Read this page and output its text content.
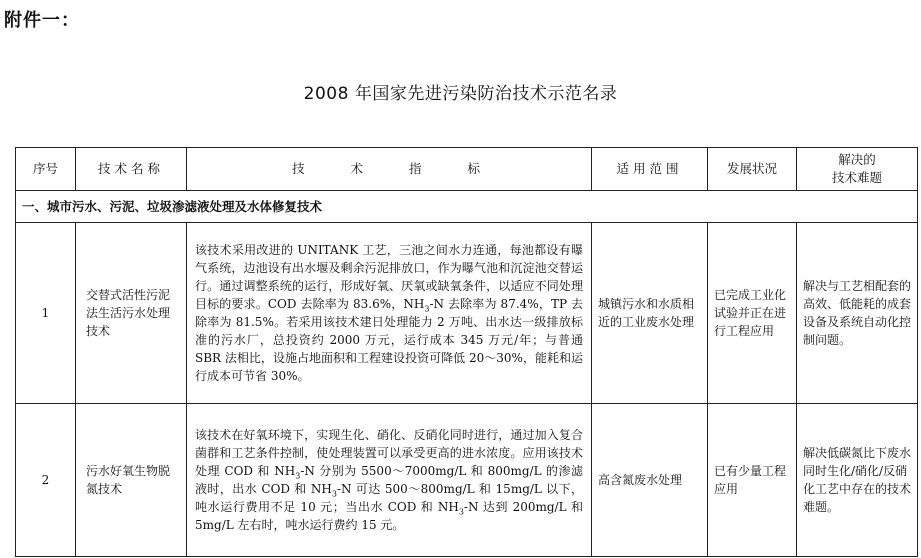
附件一：
2008 年国家先进污染防治技术示范名录
序号	技术名称	技 术 指 标	适用范围	发展状况	解决的
技术难题

一、城市污水、污泥、垃圾渗滤液处理及水体修复技术					
1	交替式活性污泥法生活污水处理技术	该技术采用改进的 UNITANK 工艺，三池之间水力连通，每池都设有曝气系统，边池设有出水堰及剩余污泥排放口，作为曝气池和沉淀池交替运行。通过调整系统的运行，形成好氧、厌氧或缺氧条件，以适应不同处理目标的要求。COD 去除率为 83.6%，$NH_3-N$ 去除率为 87.4%，TP 去除率为 81.5%。若采用该技术建日处理能力 2 万吨、出水达一级排放标准的污水厂，总投资约 2000 万元，运行成本 345 万元/年；与普通 SBR 法相比，设施占地面积和工程建设投资可降低 20～30%，能耗和运行成本可节省 30%。	城镇污水和水质相近的工业废水处理	已完成工业化试验并正在进行工程应用	解决与工艺相配套的高效、低能耗的成套设备及系统自动化控制问题。
2	污水好氧生物脱氮技术	该技术在好氧环境下，实现生化、硝化、反硝化同时进行，通过加入复合菌群和工艺条件控制，使处理装置可以承受更高的进水浓度。应用该技术处理 COD 和 $NH_3-N$ 分别为 5500～7000mg/L 和 800mg/L 的渗滤液时，出水 COD 和 $NH_3-N$ 可达 500～800mg/L 和 15mg/L 以下，吨水运行费用不足 10 元；当出水 COD 和 $NH_3-N$ 达到 200mg/L 和 5mg/L 左右时，吨水运行费约 15 元。	高含氮废水处理	已有少量工程应用	解决低碳氮比下废水同时生化/硝化/反硝化工艺中存在的技术难题。
